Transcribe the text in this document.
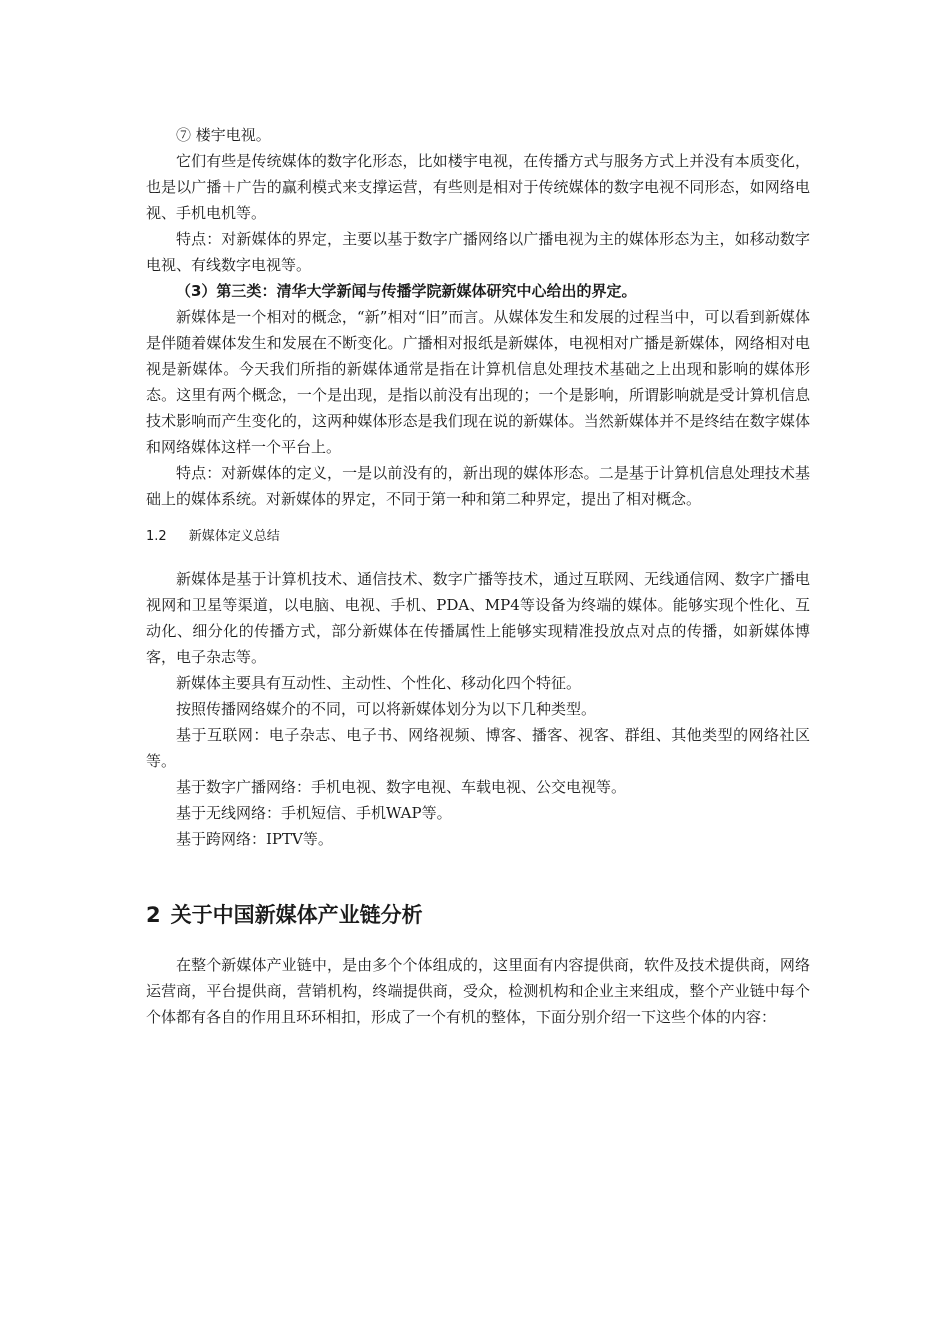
⑦ 楼宇电视。

它们有些是传统媒体的数字化形态，比如楼宇电视，在传播方式与服务方式上并没有本质变化，也是以广播＋广告的赢利模式来支撑运营，有些则是相对于传统媒体的数字电视不同形态，如网络电视、手机电机等。

特点：对新媒体的界定，主要以基于数字广播网络以广播电视为主的媒体形态为主，如移动数字电视、有线数字电视等。

（3）第三类：清华大学新闻与传播学院新媒体研究中心给出的界定。

新媒体是一个相对的概念，“新”相对“旧”而言。从媒体发生和发展的过程当中，可以看到新媒体是伴随着媒体发生和发展在不断变化。广播相对报纸是新媒体，电视相对广播是新媒体，网络相对电视是新媒体。今天我们所指的新媒体通常是指在计算机信息处理技术基础之上出现和影响的媒体形态。这里有两个概念，一个是出现，是指以前没有出现的；一个是影响，所谓影响就是受计算机信息技术影响而产生变化的，这两种媒体形态是我们现在说的新媒体。当然新媒体并不是终结在数字媒体和网络媒体这样一个平台上。

特点：对新媒体的定义，一是以前没有的，新出现的媒体形态。二是基于计算机信息处理技术基础上的媒体系统。对新媒体的界定，不同于第一种和第二种界定，提出了相对概念。

1.2 新媒体定义总结

新媒体是基于计算机技术、通信技术、数字广播等技术，通过互联网、无线通信网、数字广播电视网和卫星等渠道，以电脑、电视、手机、PDA、MP4等设备为终端的媒体。能够实现个性化、互动化、细分化的传播方式，部分新媒体在传播属性上能够实现精准投放点对点的传播，如新媒体博客，电子杂志等。

新媒体主要具有互动性、主动性、个性化、移动化四个特征。

按照传播网络媒介的不同，可以将新媒体划分为以下几种类型。

基于互联网：电子杂志、电子书、网络视频、博客、播客、视客、群组、其他类型的网络社区等。

基于数字广播网络：手机电视、数字电视、车载电视、公交电视等。

基于无线网络：手机短信、手机WAP等。

基于跨网络：IPTV等。

2 关于中国新媒体产业链分析

在整个新媒体产业链中，是由多个个体组成的，这里面有内容提供商，软件及技术提供商，网络运营商，平台提供商，营销机构，终端提供商，受众，检测机构和企业主来组成，整个产业链中每个个体都有各自的作用且环环相扣，形成了一个有机的整体，下面分别介绍一下这些个体的内容：
